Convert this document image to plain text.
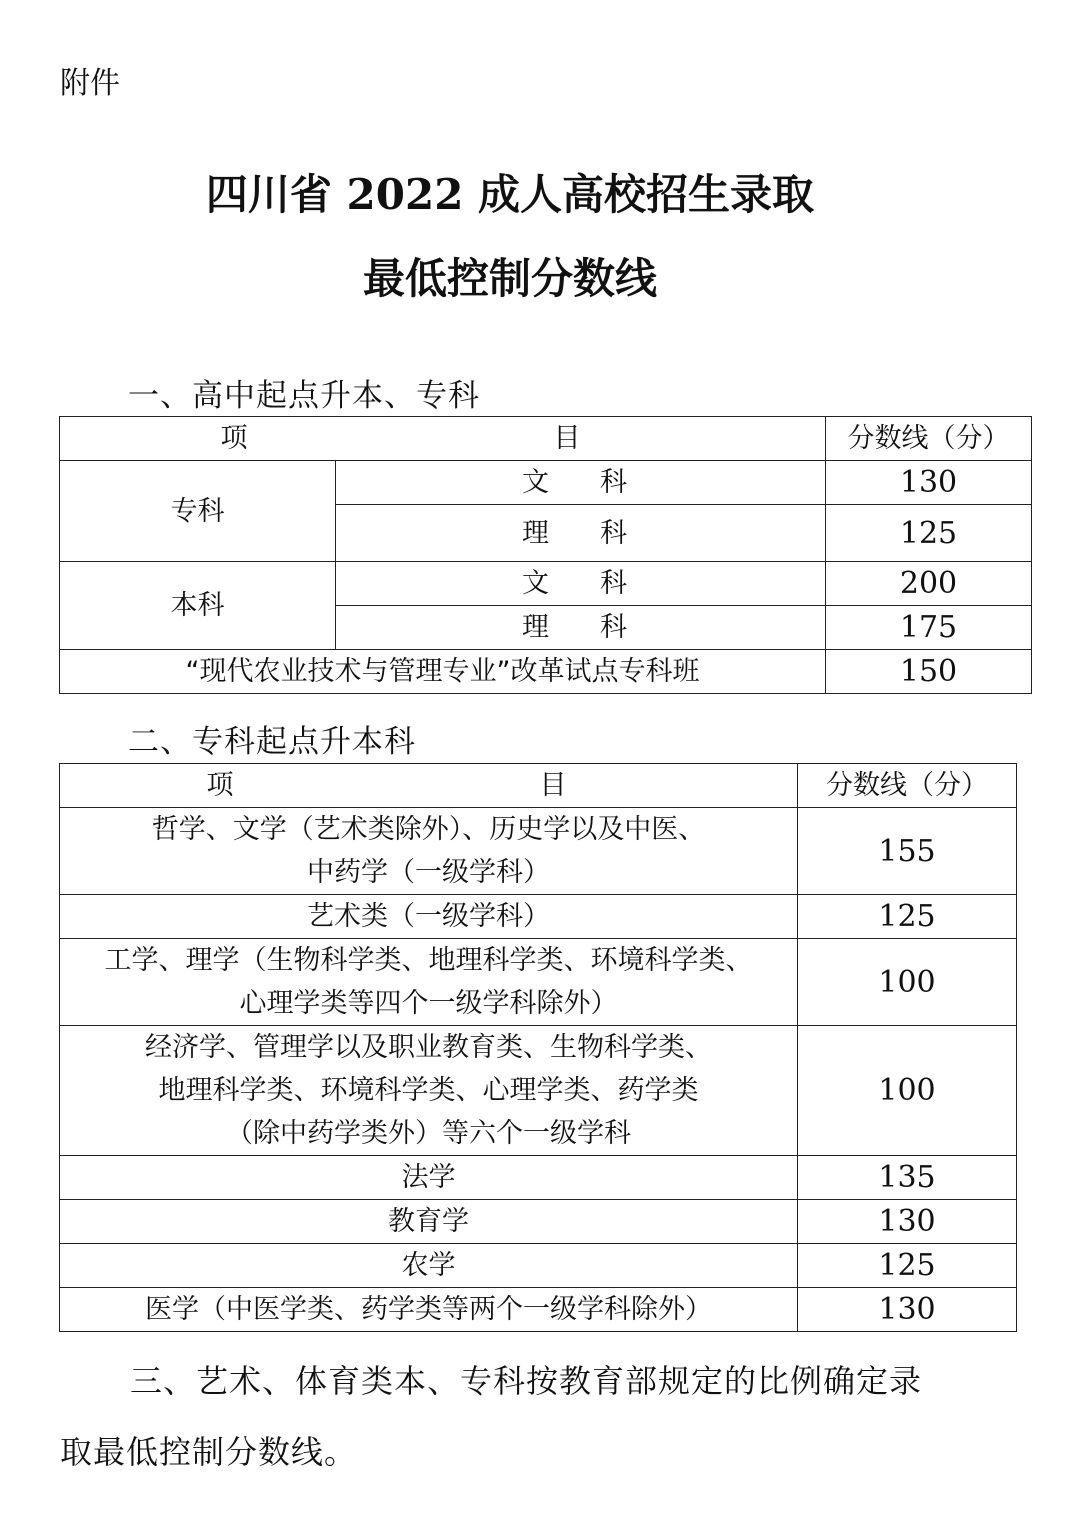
附件
四川省 2022 成人高校招生录取
最低控制分数线
一、高中起点升本、专科
项　　目		分数线（分）
专科	文　科	130
	理　科	125
本科	文　科	200
	理　科	175
“现代农业技术与管理专业”改革试点专科班		150
二、专科起点升本科
项　　目	分数线（分）

哲学、文学（艺术类除外）、历史学以及中医、
中药学（一级学科）	155
艺术类（一级学科）	125

工学、理学（生物科学类、地理科学类、环境科学类、
心理学类等四个一级学科除外）	100

经济学、管理学以及职业教育类、生物科学类、
地理科学类、环境科学类、心理学类、药学类
（除中药学类外）等六个一级学科	100
法学	135
教育学	130
农学	125
医学（中医学类、药学类等两个一级学科除外）	130
三、艺术、体育类本、专科按教育部规定的比例确定录
取最低控制分数线。
